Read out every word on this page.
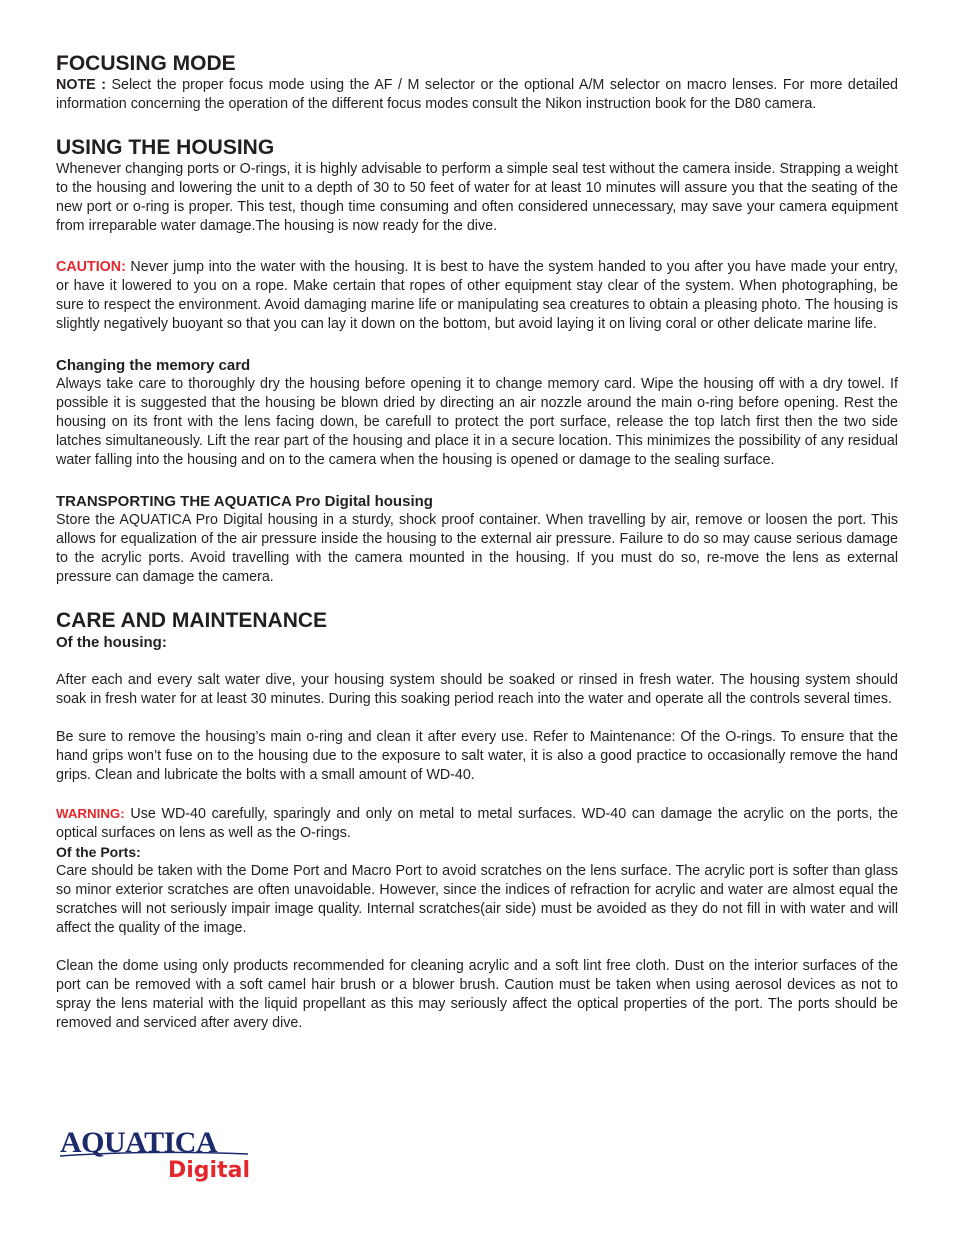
FOCUSING MODE

NOTE : Select the proper focus mode using the AF / M selector or the optional A/M selector on macro lenses. For more detailed information concerning the operation of the different focus modes consult the Nikon instruction book for the D80 camera.

USING THE HOUSING

Whenever changing ports or O-rings, it is highly advisable to perform a simple seal test without the camera inside. Strapping a weight to the housing and lowering the unit to a depth of 30 to 50 feet of water for at least 10 minutes will assure you that the seating of the new port or o-ring is proper. This test, though time consuming and often considered unnecessary, may save your camera equipment from irreparable water damage.The housing is now ready for the dive.

CAUTION: Never jump into the water with the housing. It is best to have the system handed to you after you have made your entry, or have it lowered to you on a rope. Make certain that ropes of other equipment stay clear of the system. When photographing, be sure to respect the environment. Avoid damaging marine life or manipulating sea creatures to obtain a pleasing photo. The housing is slightly negatively buoyant so that you can lay it down on the bottom, but avoid laying it on living coral or other delicate marine life.

Changing the memory card

Always take care to thoroughly dry the housing before opening it to change memory card. Wipe the housing off with a dry towel. If possible it is suggested that the housing be blown dried by directing an air nozzle around the main o-ring before opening. Rest the housing on its front with the lens facing down, be carefull to protect the port surface, release the top latch first then the two side latches simultaneously. Lift the rear part of the housing and place it in a secure location. This minimizes the possibility of any residual water falling into the housing and on to the camera when the housing is opened or damage to the sealing surface.

TRANSPORTING THE AQUATICA Pro Digital housing

Store the AQUATICA Pro Digital housing in a sturdy, shock proof container. When travelling by air, remove or loosen the port. This allows for equalization of the air pressure inside the housing to the external air pressure. Failure to do so may cause serious damage to the acrylic ports. Avoid travelling with the camera mounted in the housing. If you must do so, re-move the lens as external pressure can damage the camera.

CARE AND MAINTENANCE
Of the housing:

After each and every salt water dive, your housing system should be soaked or rinsed in fresh water. The housing system should soak in fresh water for at least 30 minutes. During this soaking period reach into the water and operate all the controls several times.

Be sure to remove the housing’s main o-ring and clean it after every use. Refer to Maintenance: Of the O-rings. To ensure that the hand grips won’t fuse on to the housing due to the exposure to salt water, it is also a good practice to occasionally remove the hand grips. Clean and lubricate the bolts with a small amount of WD-40.

WARNING: Use WD-40 carefully, sparingly and only on metal to metal surfaces. WD-40 can damage the acrylic on the ports, the optical surfaces on lens as well as the O-rings.

Of the Ports:

Care should be taken with the Dome Port and Macro Port to avoid scratches on the lens surface. The acrylic port is softer than glass so minor exterior scratches are often unavoidable. However, since the indices of refraction for acrylic and water are almost equal the scratches will not seriously impair image quality. Internal scratches(air side) must be avoided as they do not fill in with water and will affect the quality of the image.

Clean the dome using only products recommended for cleaning acrylic and a soft lint free cloth. Dust on the interior surfaces of the port can be removed with a soft camel hair brush or a blower brush. Caution must be taken when using aerosol devices as not to spray the lens material with the liquid propellant as this may seriously affect the optical properties of the port. The ports should be removed and serviced after avery dive.

AQUATICA
Digital
